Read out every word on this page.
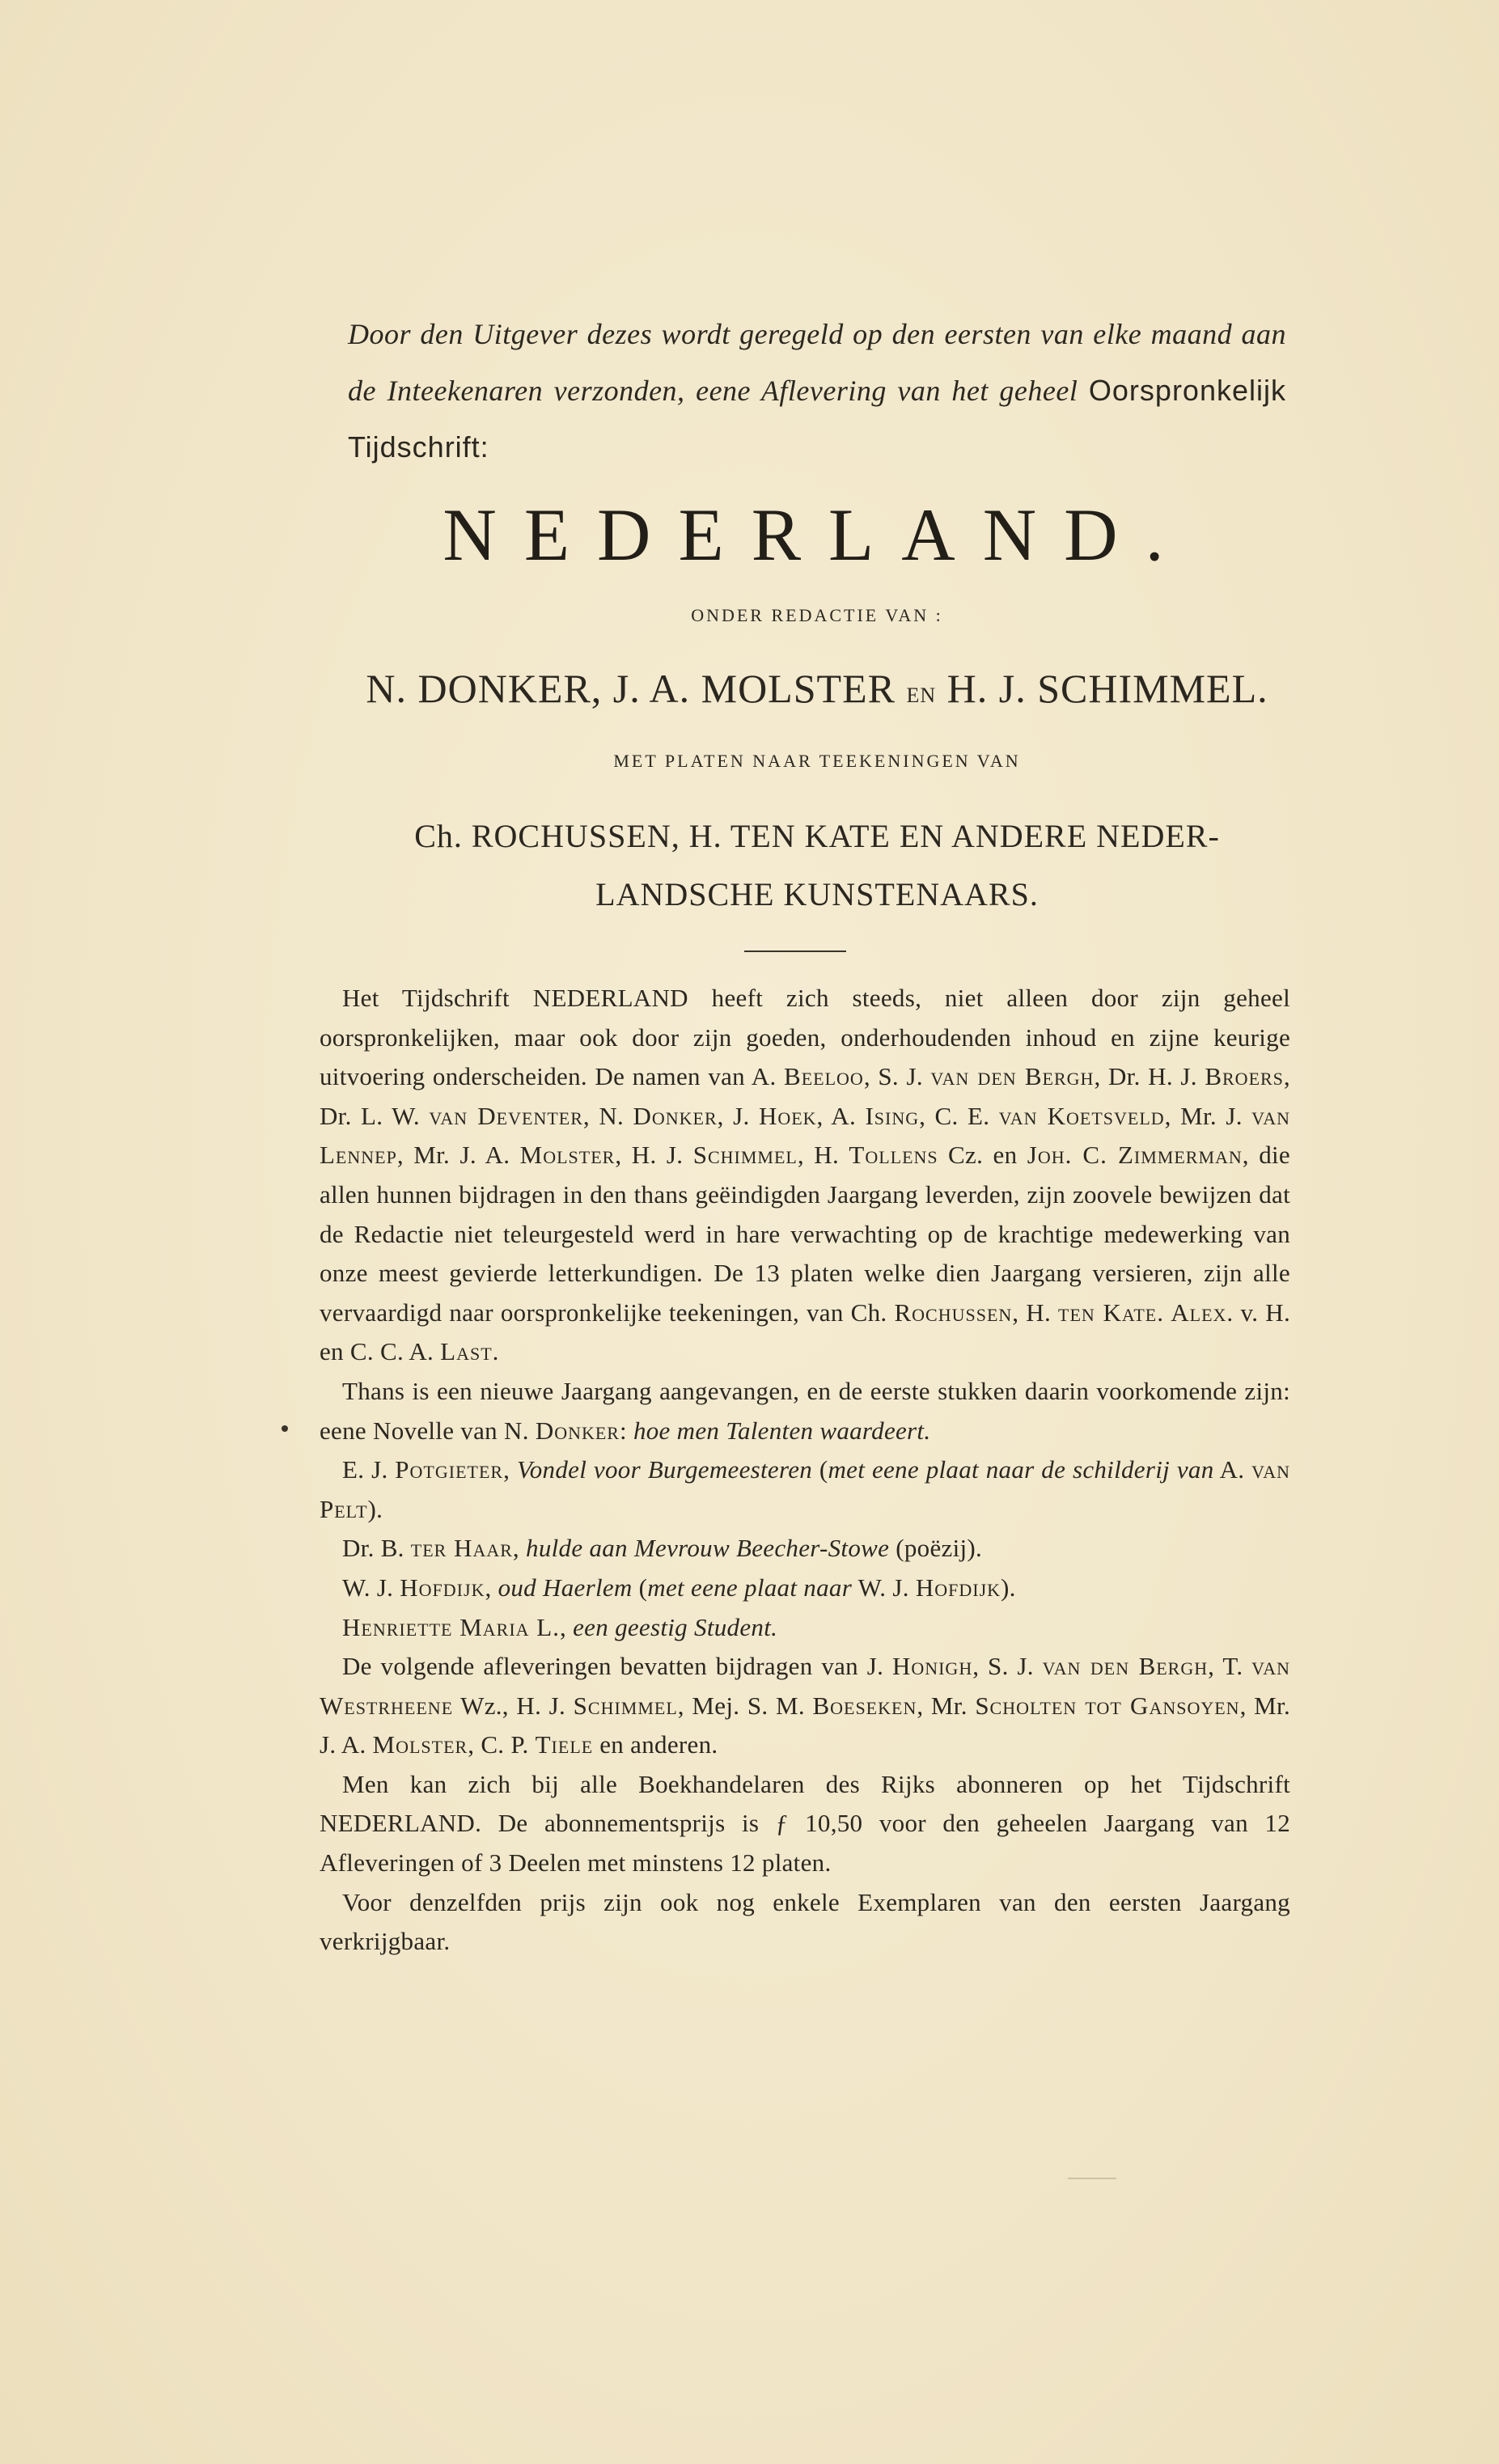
Door den Uitgever dezes wordt geregeld op den eersten van elke maand aan de Inteekenaren verzonden, eene Aflevering van het geheel Oorspronkelijk Tijdschrift:
NEDERLAND.
ONDER REDACTIE VAN :
N. DONKER, J. A. MOLSTER EN H. J. SCHIMMEL.
MET PLATEN NAAR TEEKENINGEN VAN
Ch. ROCHUSSEN, H. TEN KATE EN ANDERE NEDER-
LANDSCHE KUNSTENAARS.

Het Tijdschrift NEDERLAND heeft zich steeds, niet alleen door zijn geheel oorspronkelijken, maar ook door zijn goeden, onderhoudenden inhoud en zijne keurige uitvoering onderscheiden. De namen van A. Beeloo, S. J. van den Bergh, Dr. H. J. Broers, Dr. L. W. van Deventer, N. Donker, J. Hoek, A. Ising, C. E. van Koetsveld, Mr. J. van Lennep, Mr. J. A. Molster, H. J. Schimmel, H. Tollens Cz. en Joh. C. Zimmerman, die allen hunnen bijdragen in den thans geëindigden Jaargang leverden, zijn zoovele bewijzen dat de Redactie niet teleurgesteld werd in hare verwachting op de krachtige medewerking van onze meest gevierde letterkundigen. De 13 platen welke dien Jaargang versieren, zijn alle vervaardigd naar oorspronkelijke teekeningen, van Ch. Rochussen, H. ten Kate. Alex. v. H. en C. C. A. Last.

Thans is een nieuwe Jaargang aangevangen, en de eerste stukken daarin voorkomende zijn: eene Novelle van N. Donker: hoe men Talenten waardeert.

E. J. Potgieter, Vondel voor Burgemeesteren (met eene plaat naar de schilderij van A. van Pelt).

Dr. B. ter Haar, hulde aan Mevrouw Beecher-Stowe (poëzij).

W. J. Hofdijk, oud Haerlem (met eene plaat naar W. J. Hofdijk).

Henriette Maria L., een geestig Student.

De volgende afleveringen bevatten bijdragen van J. Honigh, S. J. van den Bergh, T. van Westrheene Wz., H. J. Schimmel, Mej. S. M. Boeseken, Mr. Scholten tot Gansoyen, Mr. J. A. Molster, C. P. Tiele en anderen.

Men kan zich bij alle Boekhandelaren des Rijks abonneren op het Tijdschrift NEDERLAND. De abonnementsprijs is ƒ 10,50 voor den geheelen Jaargang van 12 Afleveringen of 3 Deelen met minstens 12 platen.

Voor denzelfden prijs zijn ook nog enkele Exemplaren van den eersten Jaargang verkrijgbaar.
